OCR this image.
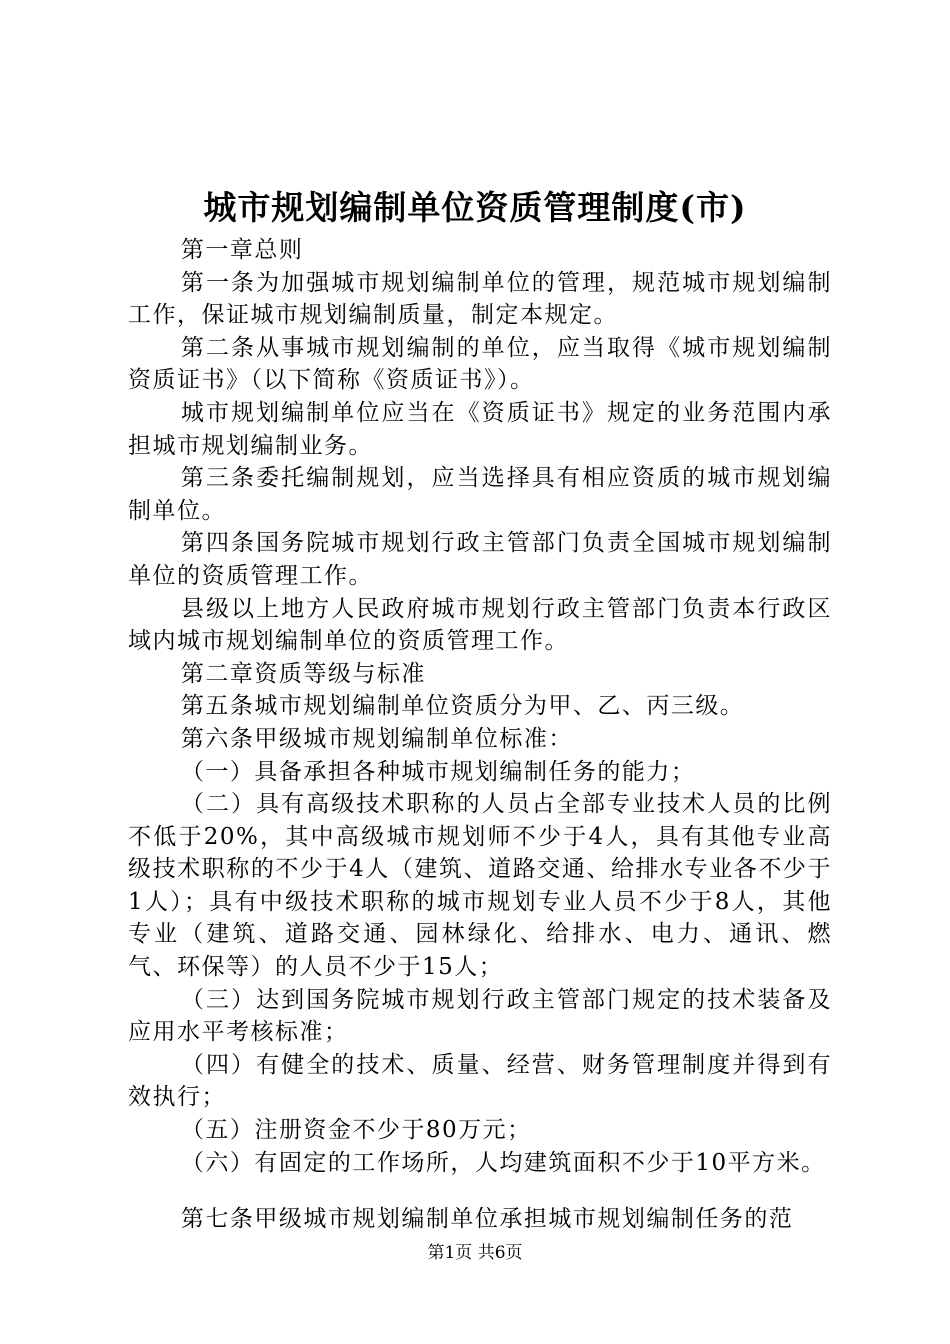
城市规划编制单位资质管理制度(市)

第一章总则

第一条为加强城市规划编制单位的管理，规范城市规划编制工作，保证城市规划编制质量，制定本规定。

第二条从事城市规划编制的单位，应当取得《城市规划编制资质证书》（以下简称《资质证书》）。

城市规划编制单位应当在《资质证书》规定的业务范围内承担城市规划编制业务。

第三条委托编制规划，应当选择具有相应资质的城市规划编制单位。

第四条国务院城市规划行政主管部门负责全国城市规划编制单位的资质管理工作。

县级以上地方人民政府城市规划行政主管部门负责本行政区域内城市规划编制单位的资质管理工作。

第二章资质等级与标准

第五条城市规划编制单位资质分为甲、乙、丙三级。

第六条甲级城市规划编制单位标准：

（一）具备承担各种城市规划编制任务的能力；

（二）具有高级技术职称的人员占全部专业技术人员的比例不低于20%，其中高级城市规划师不少于4人，具有其他专业高级技术职称的不少于4人（建筑、道路交通、给排水专业各不少于1人）；具有中级技术职称的城市规划专业人员不少于8人，其他专业（建筑、道路交通、园林绿化、给排水、电力、通讯、燃气、环保等）的人员不少于15人；

（三）达到国务院城市规划行政主管部门规定的技术装备及应用水平考核标准；

（四）有健全的技术、质量、经营、财务管理制度并得到有效执行；

（五）注册资金不少于80万元；

（六）有固定的工作场所，人均建筑面积不少于10平方米。

第七条甲级城市规划编制单位承担城市规划编制任务的范

第1页 共6页
